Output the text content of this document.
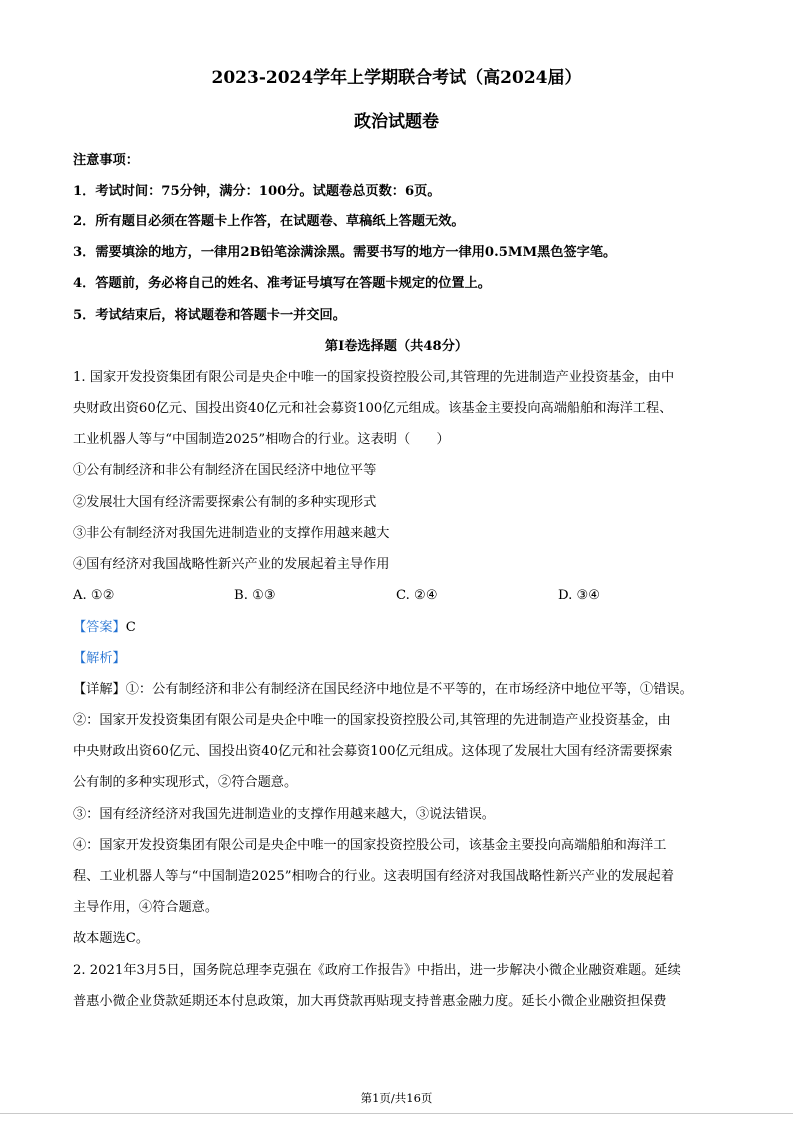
2023-2024学年上学期联合考试（高2024届）
政治试题卷
注意事项：
1．考试时间：75分钟，满分：100分。试题卷总页数：6页。
2．所有题目必须在答题卡上作答，在试题卷、草稿纸上答题无效。
3．需要填涂的地方，一律用2B铅笔涂满涂黑。需要书写的地方一律用0.5MM黑色签字笔。
4．答题前，务必将自己的姓名、准考证号填写在答题卡规定的位置上。
5．考试结束后，将试题卷和答题卡一并交回。
第Ⅰ卷选择题（共48分）
1. 国家开发投资集团有限公司是央企中唯一的国家投资控股公司,其管理的先进制造产业投资基金，由中
央财政出资60亿元、国投出资40亿元和社会募资100亿元组成。该基金主要投向高端船舶和海洋工程、
工业机器人等与“中国制造2025”相吻合的行业。这表明（　　）
①公有制经济和非公有制经济在国民经济中地位平等
②发展壮大国有经济需要探索公有制的多种实现形式
③非公有制经济对我国先进制造业的支撑作用越来越大
④国有经济对我国战略性新兴产业的发展起着主导作用
A. ①②	B. ①③	C. ②④	D. ③④
【答案】C
【解析】
【详解】①：公有制经济和非公有制经济在国民经济中地位是不平等的，在市场经济中地位平等，①错误。
②：国家开发投资集团有限公司是央企中唯一的国家投资控股公司,其管理的先进制造产业投资基金，由
中央财政出资60亿元、国投出资40亿元和社会募资100亿元组成。这体现了发展壮大国有经济需要探索
公有制的多种实现形式，②符合题意。
③：国有经济经济对我国先进制造业的支撑作用越来越大，③说法错误。
④：国家开发投资集团有限公司是央企中唯一的国家投资控股公司，该基金主要投向高端船舶和海洋工
程、工业机器人等与“中国制造2025”相吻合的行业。这表明国有经济对我国战略性新兴产业的发展起着
主导作用，④符合题意。
故本题选C。
2. 2021年3月5日，国务院总理李克强在《政府工作报告》中指出，进一步解决小微企业融资难题。延续
普惠小微企业贷款延期还本付息政策，加大再贷款再贴现支持普惠金融力度。延长小微企业融资担保费
第1页/共16页
